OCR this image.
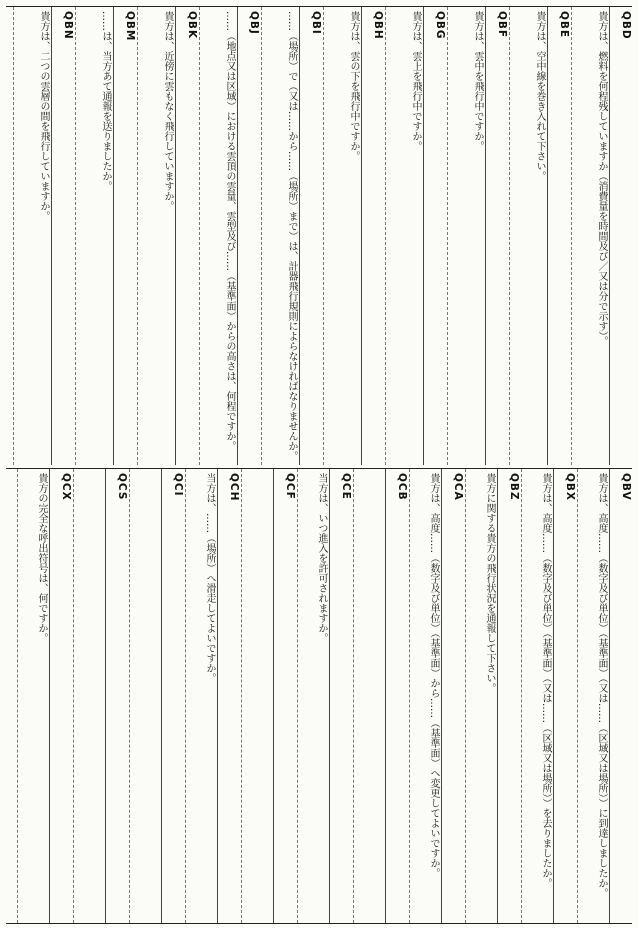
QBD
貴方は、燃料を何程残していますか（消費量を時間及び／又は分で示す）。
QBE
貴方は、空中線を巻き入れて下さい。
QBF
貴方は、雲中を飛行中ですか。
QBG
貴方は、雲上を飛行中ですか。
QBH
貴方は、雲の下を飛行中ですか。
QBI
……（場所）で（又は……から……（場所）まで）は、計器飛行規則によらなければなりませんか。
QBJ
……（地点又は区域）における雲頂の雲量、雲型及び……（基準面）からの高さは、何程ですか。
QBK
貴方は、近傍に雲もなく飛行していますか。
QBM
……は、当方あて通報を送りましたか。
QBN
貴方は、二つの雲層の間を飛行していますか。
QBV
貴方は、高度……（数字及び単位）（基準面）（又は……（区域又は場所））に到達しましたか。
QBX
貴方は、高度……（数字及び単位）（基準面）（又は……（区域又は場所））を去りましたか。
QBZ
貴方に関する貴方の飛行状況を通報して下さい。
QCA
貴方は、高度……（数字及び単位）（基準面）から……（基準面）へ変更してよいですか。
QCB
QCE
当方は、いつ進入を許可されますか。
QCF
QCH
当方は、……（場所）へ滑走してよいですか。
QCI
QCS
QCX
貴方の完全な呼出符号は、何ですか。
